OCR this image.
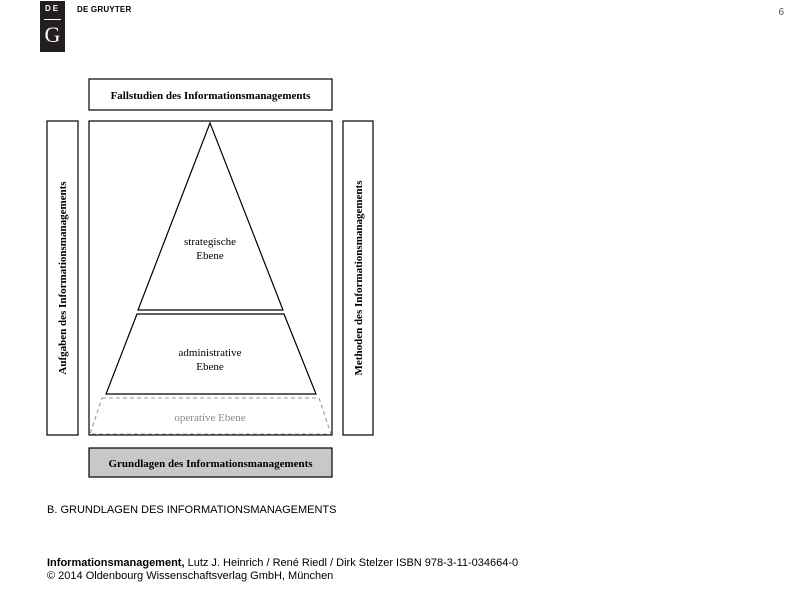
DE
G
DE GRUYTER	6
Fallstudien des Informationsmanagements
Aufgaben des Informationsmanagements	Methoden des Informationsmanagements
strategische
Ebene
administrative
Ebene
operative Ebene
Grundlagen des Informationsmanagements
B. GRUNDLAGEN DES INFORMATIONSMANAGEMENTS
Informationsmanagement, Lutz J. Heinrich / René Riedl / Dirk Stelzer ISBN 978-3-11-034664-0
© 2014 Oldenbourg Wissenschaftsverlag GmbH, München
